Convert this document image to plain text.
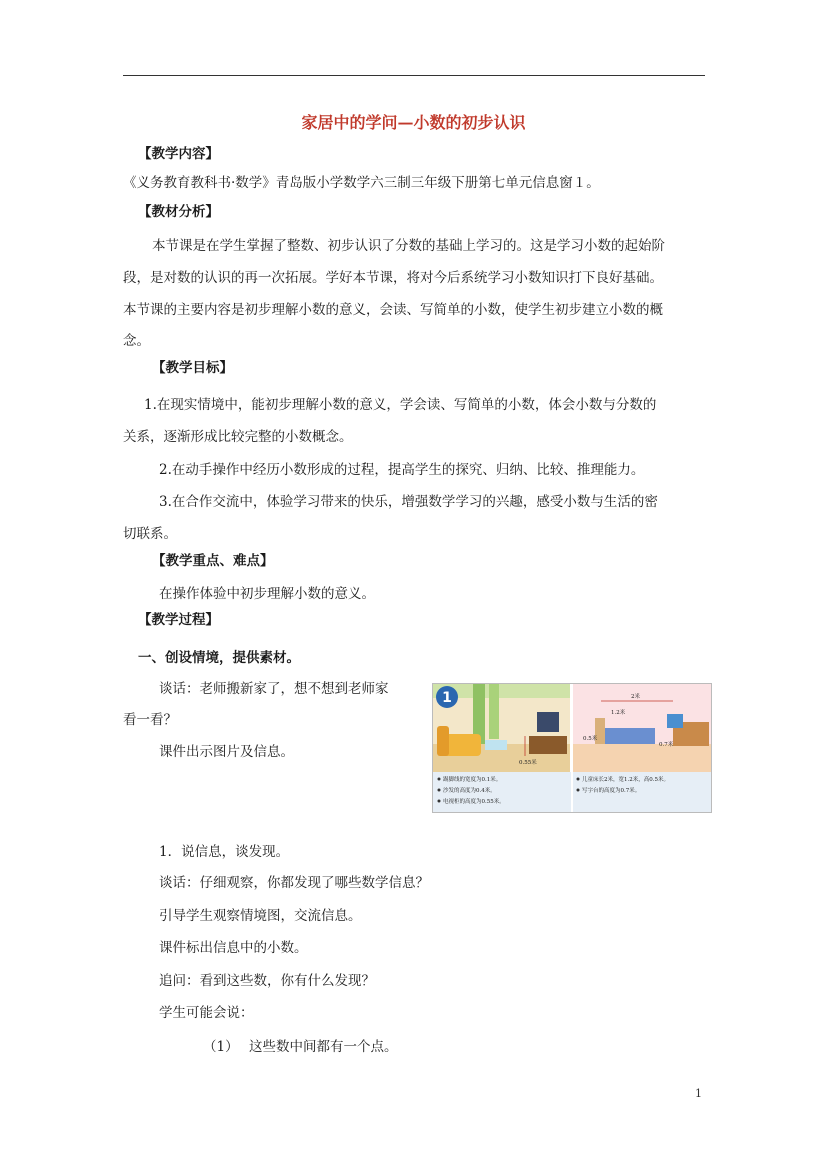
家居中的学问—小数的初步认识
【教学内容】
《义务教育教科书·数学》青岛版小学数学六三制三年级下册第七单元信息窗１。
【教材分析】
本节课是在学生掌握了整数、初步认识了分数的基础上学习的。这是学习小数的起始阶
段，是对数的认识的再一次拓展。学好本节课，将对今后系统学习小数知识打下良好基础。
本节课的主要内容是初步理解小数的意义，会读、写简单的小数，使学生初步建立小数的概
念。
【教学目标】
1.在现实情境中，能初步理解小数的意义，学会读、写简单的小数，体会小数与分数的
关系，逐渐形成比较完整的小数概念。
2.在动手操作中经历小数形成的过程，提高学生的探究、归纳、比较、推理能力。
3.在合作交流中，体验学习带来的快乐，增强数学学习的兴趣，感受小数与生活的密
切联系。
【教学重点、难点】
在操作体验中初步理解小数的意义。
【教学过程】
一、创设情境，提供素材。
谈话：老师搬新家了，想不想到老师家
看一看？
课件出示图片及信息。
1
0.55米
2米
1.2米
0.5米
0.7米
踢脚线的宽度为0.1米。
沙发的高度为0.4米。
电视柜的高度为0.55米。
儿童床长2米，宽1.2米，高0.5米。
写字台的高度为0.7米。
1．说信息，谈发现。
谈话：仔细观察，你都发现了哪些数学信息？
引导学生观察情境图，交流信息。
课件标出信息中的小数。
追问：看到这些数，你有什么发现？
学生可能会说：
（1） 这些数中间都有一个点。
1
